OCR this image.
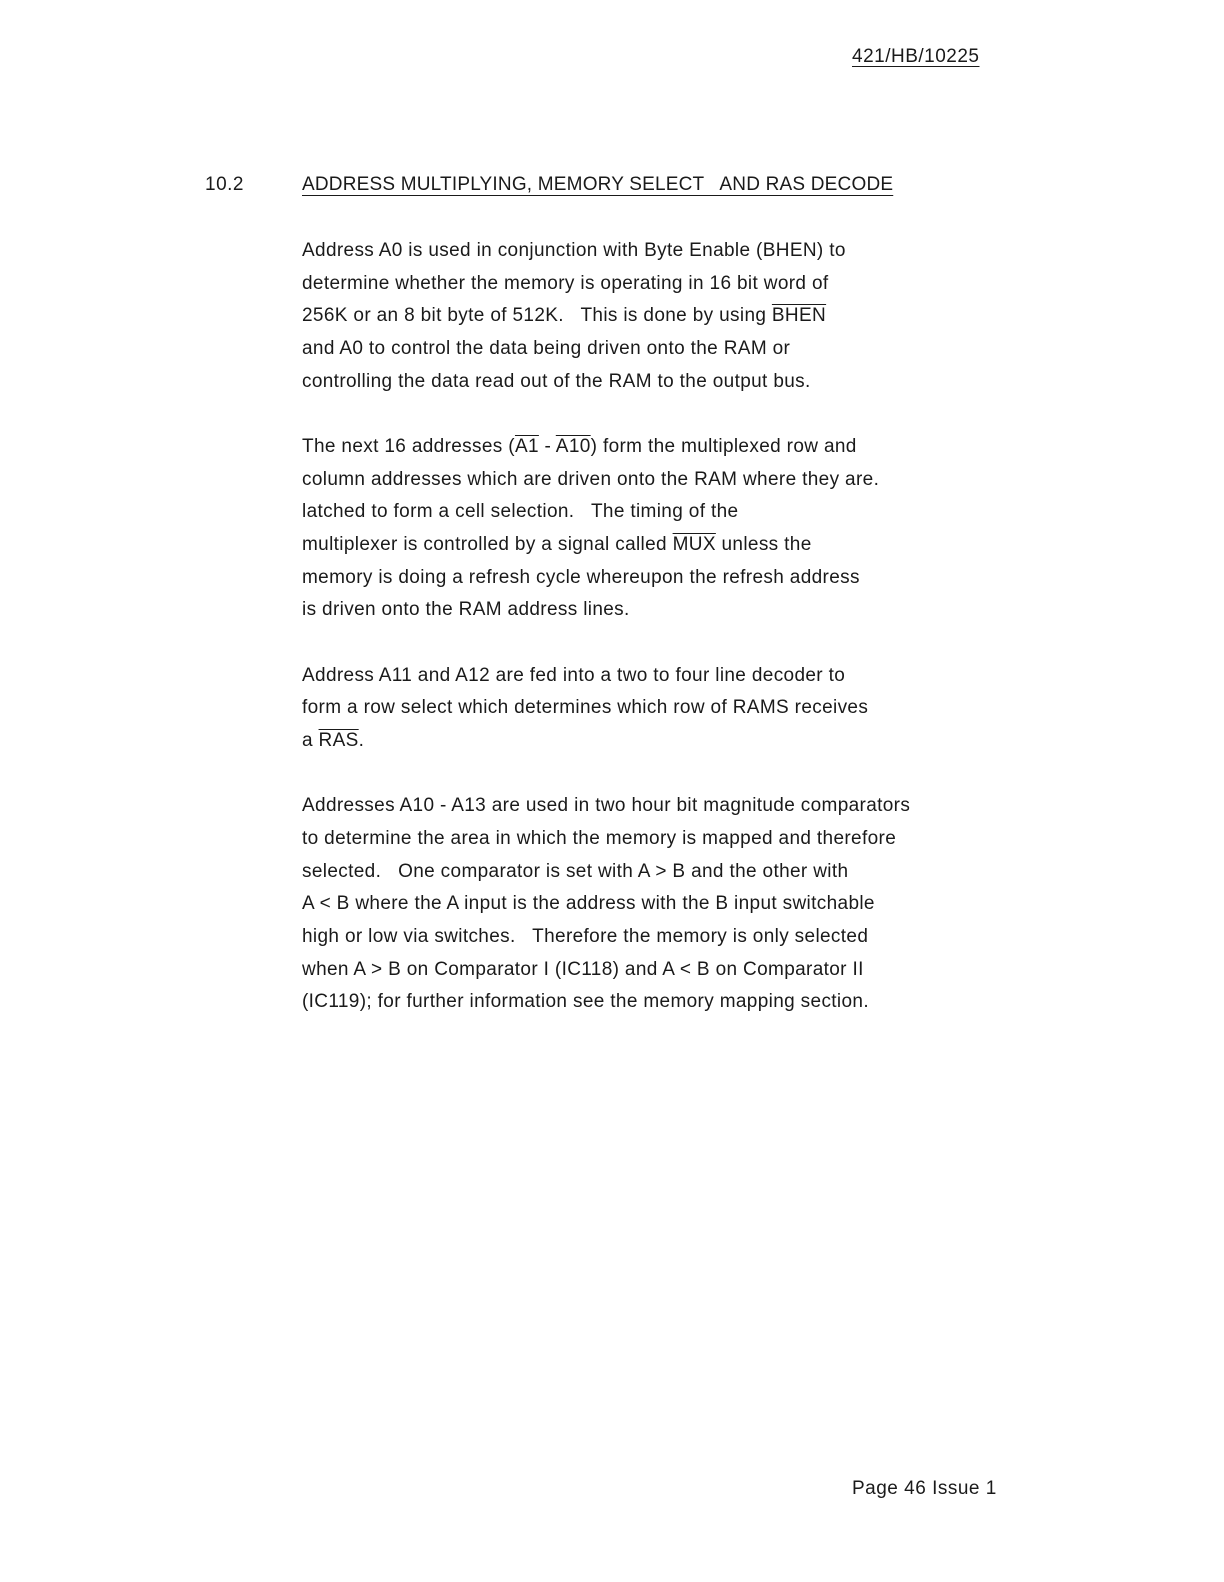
421/HB/10225
10.2	ADDRESS MULTIPLYING, MEMORY SELECT   AND RAS DECODE
Address A0 is used in conjunction with Byte Enable (BHEN) to
determine whether the memory is operating in 16 bit word of
256K or an 8 bit byte of 512K.   This is done by using BHEN
and A0 to control the data being driven onto the RAM or
controlling the data read out of the RAM to the output bus.
The next 16 addresses (A1 - A10) form the multiplexed row and
column addresses which are driven onto the RAM where they are.
latched to form a cell selection.   The timing of the
multiplexer is controlled by a signal called $\overline{MUX}$ unless the
memory is doing a refresh cycle whereupon the refresh address
is driven onto the RAM address lines.
Address A11 and A12 are fed into a two to four line decoder to
form a row select which determines which row of RAMS receives
a $\overline{RAS}$.
Addresses A10 - A13 are used in two hour bit magnitude comparators
to determine the area in which the memory is mapped and therefore
selected.   One comparator is set with A > B and the other with
A < B where the A input is the address with the B input switchable
high or low via switches.   Therefore the memory is only selected
when A > B on Comparator I (IC118) and A < B on Comparator II
(IC119); for further information see the memory mapping section.
Page 46 Issue 1
